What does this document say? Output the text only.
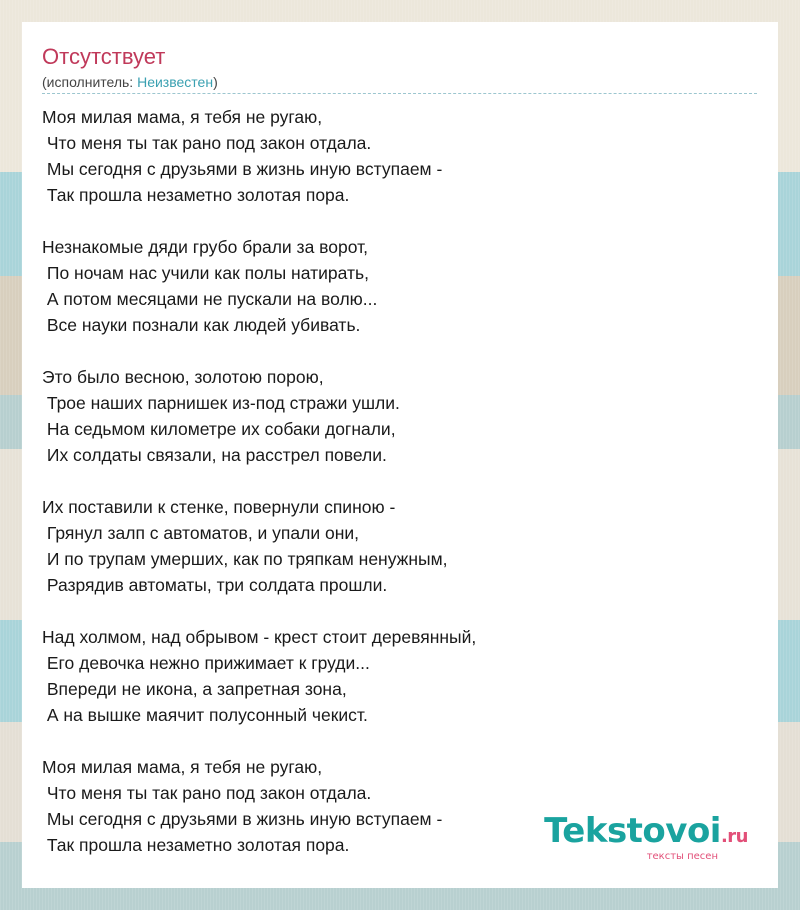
Отсутствует
(исполнитель: Неизвестен)
Моя милая мама, я тебя не ругаю,
Что меня ты так рано под закон отдала.
Мы сегодня с друзьями в жизнь иную вступаем -
Так прошла незаметно золотая пора.
Незнакомые дяди грубо брали за ворот,
По ночам нас учили как полы натирать,
А потом месяцами не пускали на волю...
Все науки познали как людей убивать.
Это было весною, золотою порою,
Трое наших парнишек из-под стражи ушли.
На седьмом километре их собаки догнали,
Их солдаты связали, на расстрел повели.
Их поставили к стенке, повернули спиною -
Грянул залп с автоматов, и упали они,
И по трупам умерших, как по тряпкам ненужным,
Разрядив автоматы, три солдата прошли.
Над холмом, над обрывом - крест стоит деревянный,
Его девочка нежно прижимает к груди...
Впереди не икона, а запретная зона,
А на вышке маячит полусонный чекист.
Моя милая мама, я тебя не ругаю,
Что меня ты так рано под закон отдала.
Мы сегодня с друзьями в жизнь иную вступаем -
Так прошла незаметно золотая пора.	Tekstovoi.ru
тексты песен
